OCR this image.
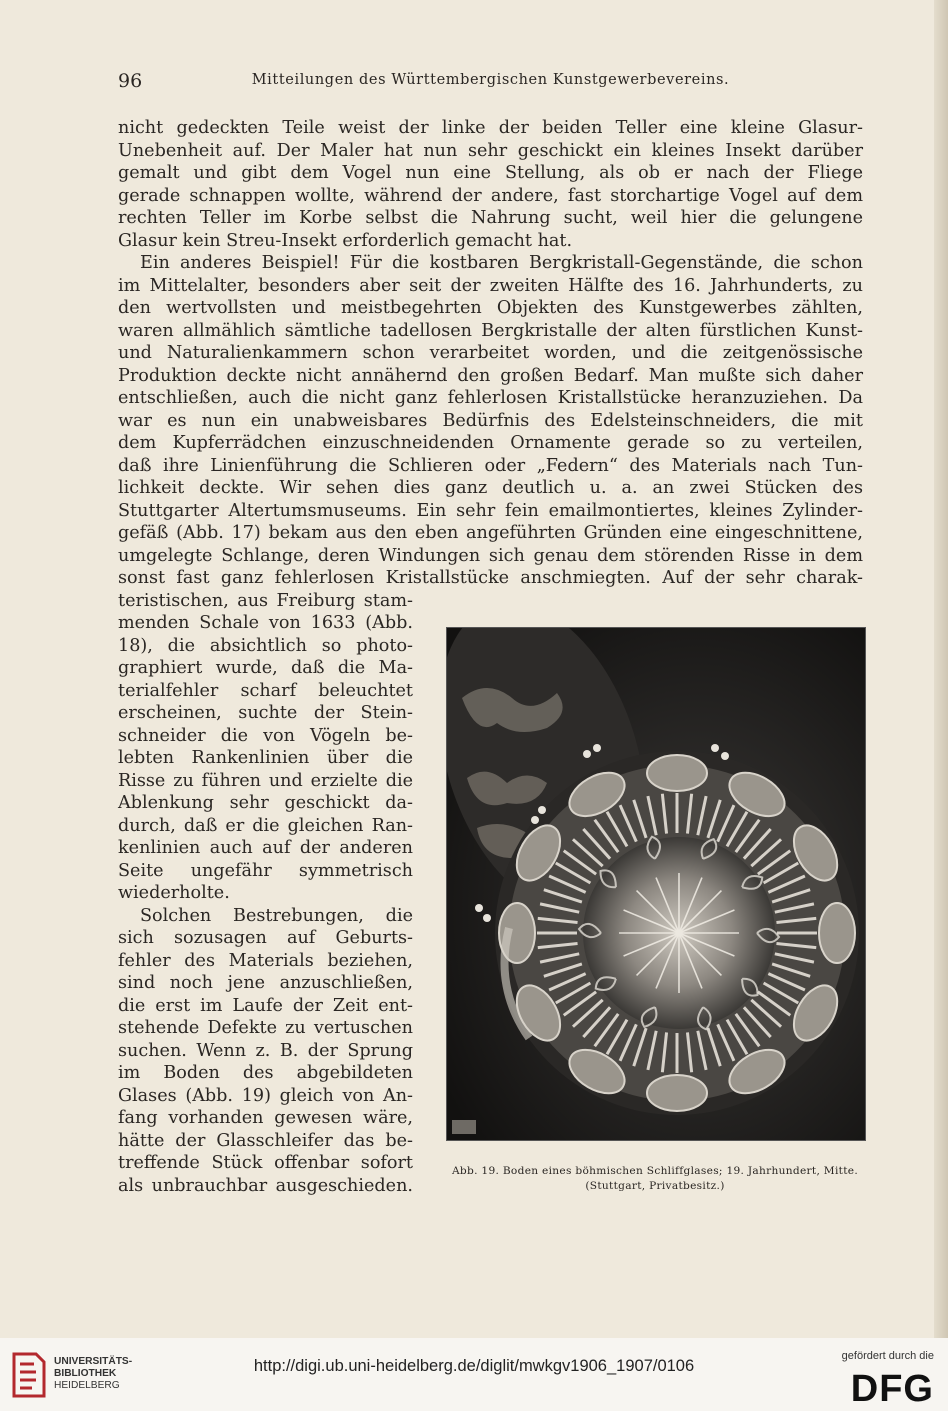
96	Mitteilungen des Württembergischen Kunstgewerbevereins.
nicht gedeckten Teile weist der linke der beiden Teller eine kleine Glasur-
Unebenheit auf. Der Maler hat nun sehr geschickt ein kleines Insekt darüber
gemalt und gibt dem Vogel nun eine Stellung, als ob er nach der Fliege
gerade schnappen wollte, während der andere, fast storchartige Vogel auf dem
rechten Teller im Korbe selbst die Nahrung sucht, weil hier die gelungene
Glasur kein Streu-Insekt erforderlich gemacht hat.
Ein anderes Beispiel! Für die kostbaren Bergkristall-Gegenstände, die schon
im Mittelalter, besonders aber seit der zweiten Hälfte des 16. Jahrhunderts, zu
den wertvollsten und meistbegehrten Objekten des Kunstgewerbes zählten,
waren allmählich sämtliche tadellosen Bergkristalle der alten fürstlichen Kunst-
und Naturalienkammern schon verarbeitet worden, und die zeitgenössische
Produktion deckte nicht annähernd den großen Bedarf. Man mußte sich daher
entschließen, auch die nicht ganz fehlerlosen Kristallstücke heranzuziehen. Da
war es nun ein unabweisbares Bedürfnis des Edelsteinschneiders, die mit
dem Kupferrädchen einzuschneidenden Ornamente gerade so zu verteilen,
daß ihre Linienführung die Schlieren oder „Federn“ des Materials nach Tun-
lichkeit deckte. Wir sehen dies ganz deutlich u. a. an zwei Stücken des
Stuttgarter Altertumsmuseums. Ein sehr fein emailmontiertes, kleines Zylinder-
gefäß (Abb. 17) bekam aus den eben angeführten Gründen eine eingeschnittene,
umgelegte Schlange, deren Windungen sich genau dem störenden Risse in dem
sonst fast ganz fehlerlosen Kristallstücke anschmiegten. Auf der sehr charak-
teristischen, aus Freiburg stam-
menden Schale von 1633 (Abb.
18), die absichtlich so photo-
graphiert wurde, daß die Ma-
terialfehler scharf beleuchtet
erscheinen, suchte der Stein-
schneider die von Vögeln be-
lebten Rankenlinien über die
Risse zu führen und erzielte die
Ablenkung sehr geschickt da-
durch, daß er die gleichen Ran-
kenlinien auch auf der anderen
Seite ungefähr symmetrisch
wiederholte.
Solchen Bestrebungen, die
sich sozusagen auf Geburts-
fehler des Materials beziehen,
sind noch jene anzuschließen,
die erst im Laufe der Zeit ent-
stehende Defekte zu vertuschen
suchen. Wenn z. B. der Sprung
im Boden des abgebildeten
Glases (Abb. 19) gleich von An-
fang vorhanden gewesen wäre,
hätte der Glasschleifer das be-
treffende Stück offenbar sofort
als unbrauchbar ausgeschieden.
Abb. 19. Boden eines böhmischen Schliffglases; 19. Jahrhundert, Mitte.
(Stuttgart, Privatbesitz.)
UNIVERSITÄTS-
BIBLIOTHEK
HEIDELBERG
http://digi.ub.uni-heidelberg.de/diglit/mwkgv1906_1907/0106
gefördert durch die
DFG
